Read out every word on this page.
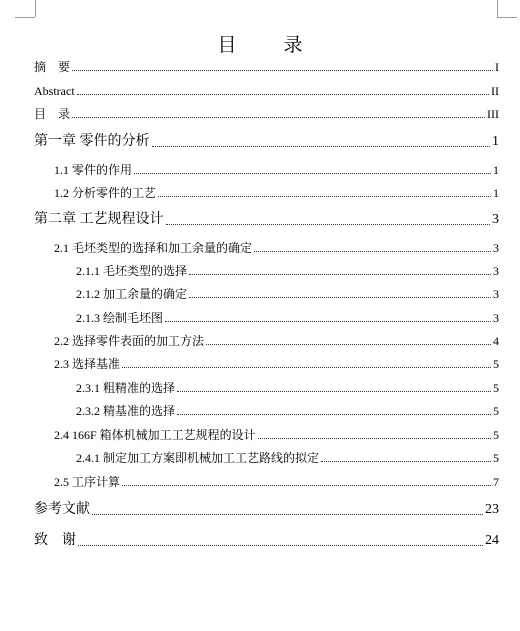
目　录
摘　要	I
Abstract	II
目　录	III
第一章 零件的分析	1
1.1 零件的作用	1
1.2 分析零件的工艺	1
第二章 工艺规程设计	3
2.1 毛坯类型的选择和加工余量的确定	3
2.1.1 毛坯类型的选择	3
2.1.2 加工余量的确定	3
2.1.3 绘制毛坯图	3
2.2 选择零件表面的加工方法	4
2.3 选择基准	5
2.3.1 粗精准的选择	5
2.3.2 精基准的选择	5
2.4 166F 箱体机械加工工艺规程的设计	5
2.4.1 制定加工方案即机械加工工艺路线的拟定	5
2.5 工序计算	7
参考文献	23
致　谢	24
